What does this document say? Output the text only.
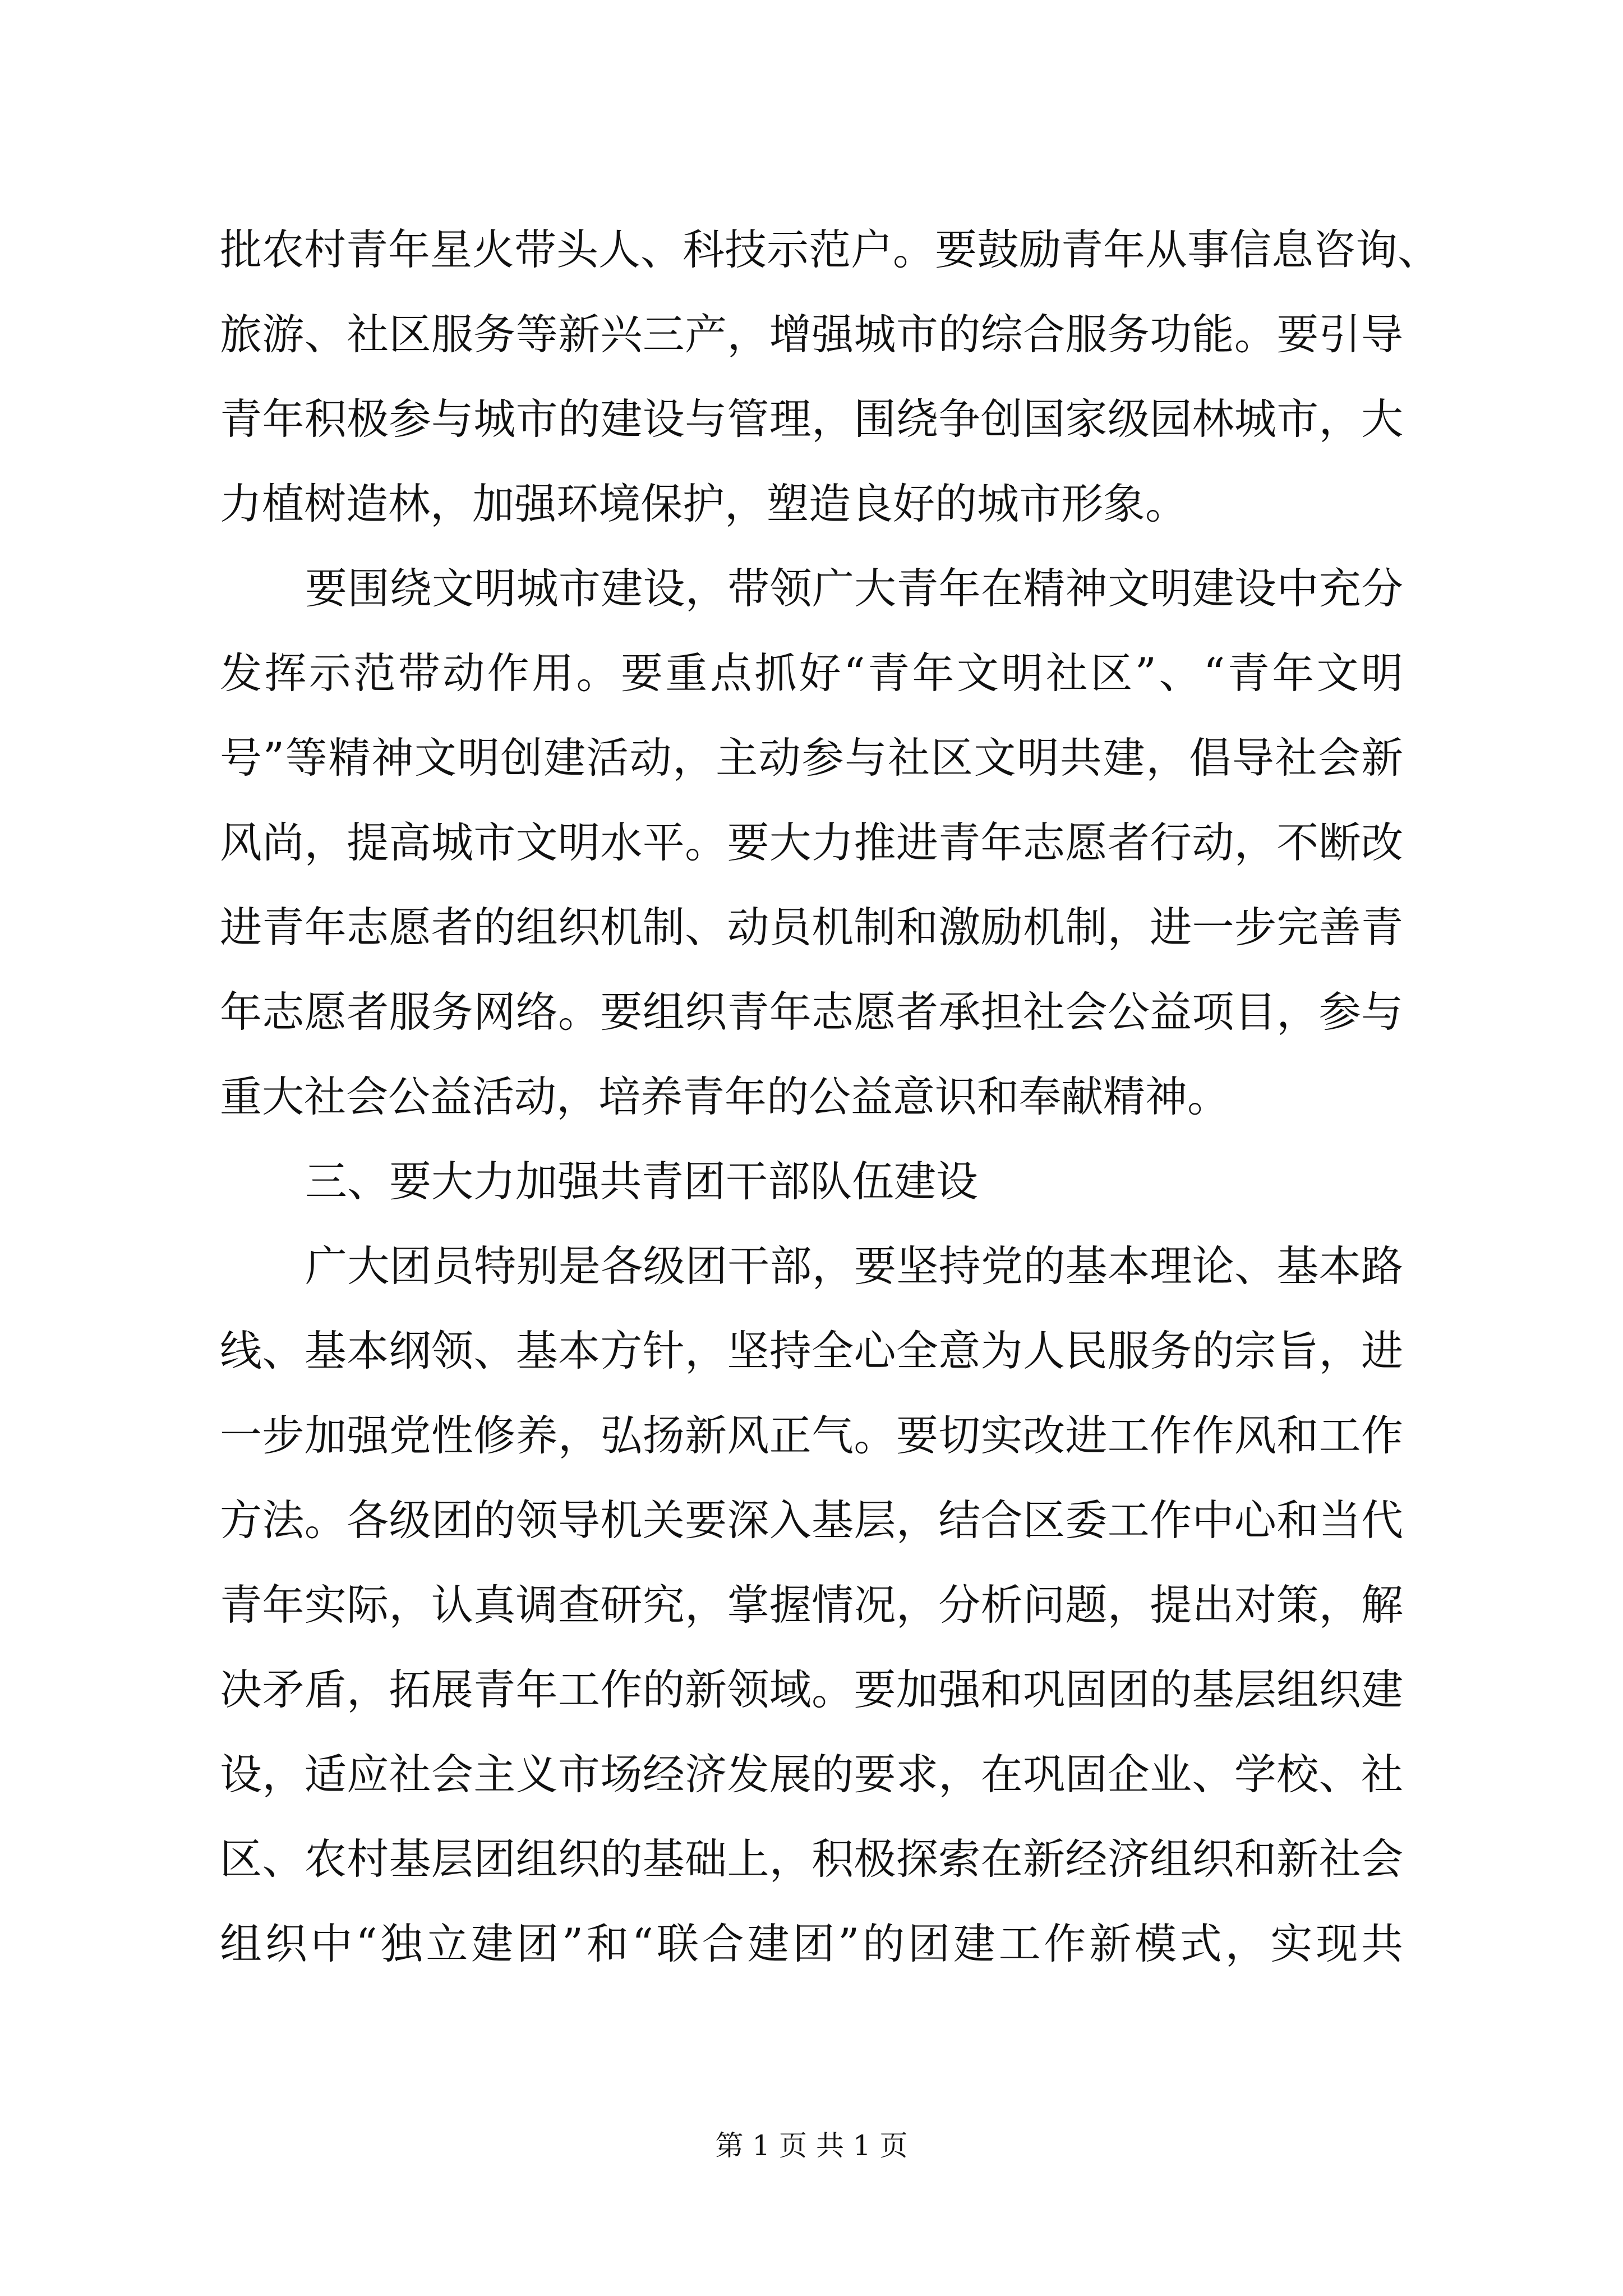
批农村青年星火带头人、科技示范户。要鼓励青年从事信息咨询、
旅游、社区服务等新兴三产，增强城市的综合服务功能。要引导
青年积极参与城市的建设与管理，围绕争创国家级园林城市，大
力植树造林，加强环境保护，塑造良好的城市形象。
要围绕文明城市建设，带领广大青年在精神文明建设中充分
发挥示范带动作用。要重点抓好“青年文明社区”、“青年文明
号”等精神文明创建活动，主动参与社区文明共建，倡导社会新
风尚，提高城市文明水平。要大力推进青年志愿者行动，不断改
进青年志愿者的组织机制、动员机制和激励机制，进一步完善青
年志愿者服务网络。要组织青年志愿者承担社会公益项目，参与
重大社会公益活动，培养青年的公益意识和奉献精神。
三、要大力加强共青团干部队伍建设
广大团员特别是各级团干部，要坚持党的基本理论、基本路
线、基本纲领、基本方针，坚持全心全意为人民服务的宗旨，进
一步加强党性修养，弘扬新风正气。要切实改进工作作风和工作
方法。各级团的领导机关要深入基层，结合区委工作中心和当代
青年实际，认真调查研究，掌握情况，分析问题，提出对策，解
决矛盾，拓展青年工作的新领域。要加强和巩固团的基层组织建
设，适应社会主义市场经济发展的要求，在巩固企业、学校、社
区、农村基层团组织的基础上，积极探索在新经济组织和新社会
组织中“独立建团”和“联合建团”的团建工作新模式，实现共
第 1 页 共 1 页
